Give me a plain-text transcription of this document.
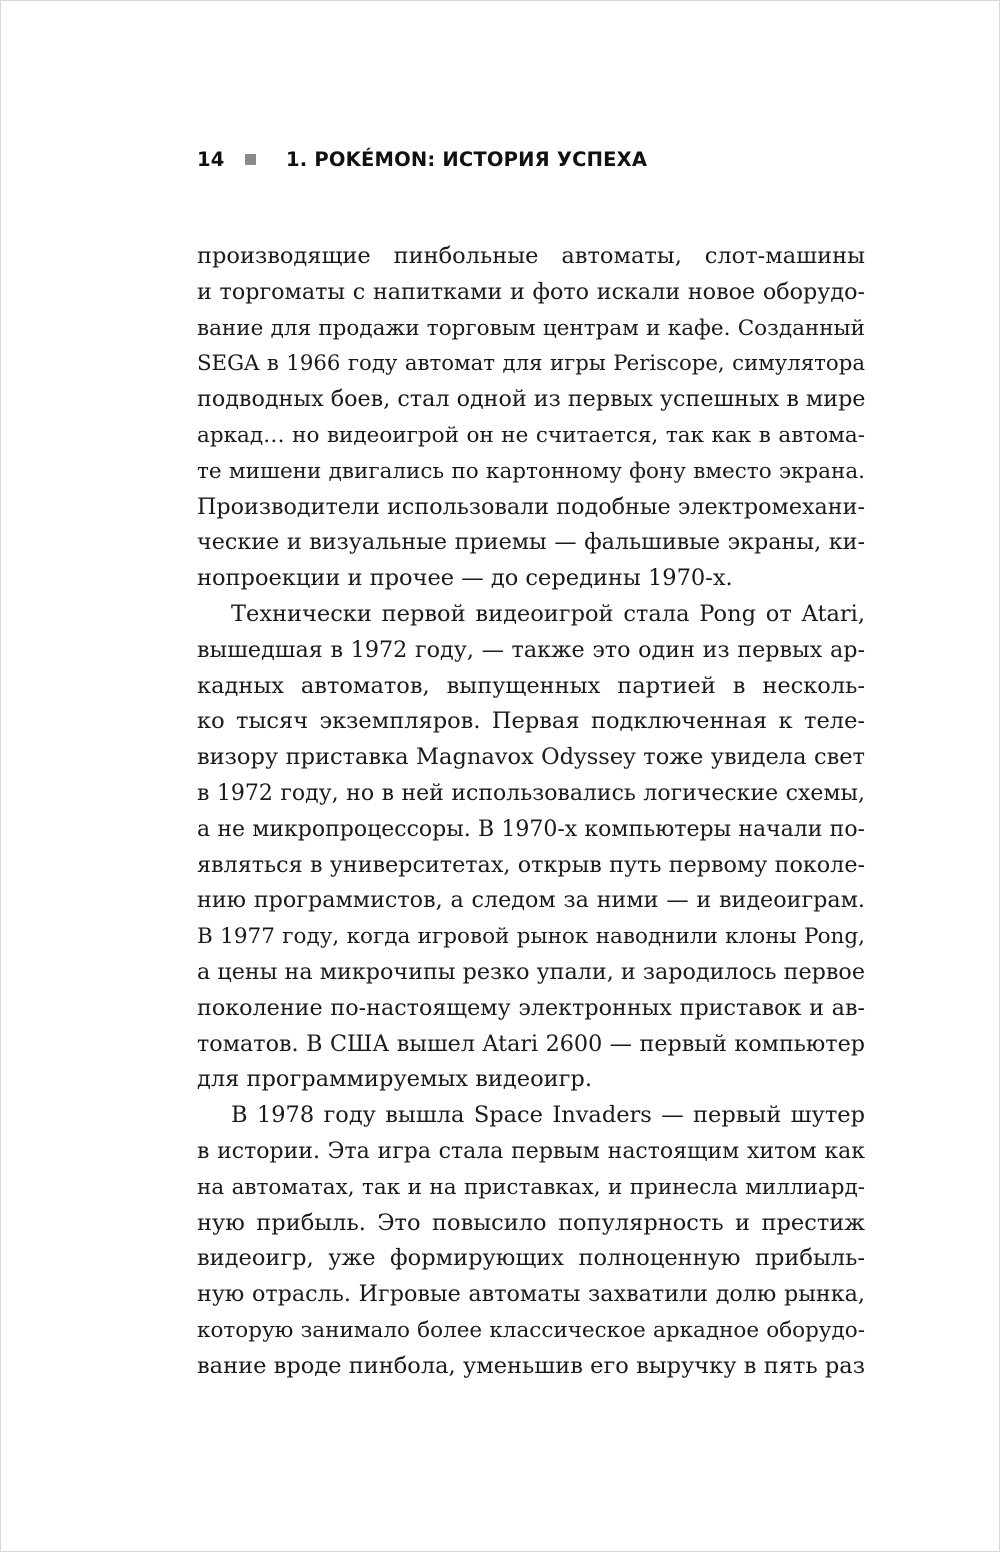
14	1. POKÉMON: ИСТОРИЯ УСПЕХА
производящие пинбольные автоматы, слот-машины
и торгоматы с напитками и фото искали новое оборудо-
вание для продажи торговым центрам и кафе. Созданный
SEGA в 1966 году автомат для игры Periscope, симулятора
подводных боев, стал одной из первых успешных в мире
аркад… но видеоигрой он не считается, так как в автома-
те мишени двигались по картонному фону вместо экрана.
Производители использовали подобные электромехани-
ческие и визуальные приемы — фальшивые экраны, ки-
нопроекции и прочее — до середины 1970-х.
Технически первой видеоигрой стала Pong от Atari,
вышедшая в 1972 году, — также это один из первых ар-
кадных автоматов, выпущенных партией в несколь-
ко тысяч экземпляров. Первая подключенная к теле-
визору приставка Magnavox Odyssey тоже увидела свет
в 1972 году, но в ней использовались логические схемы,
а не микропроцессоры. В 1970-х компьютеры начали по-
являться в университетах, открыв путь первому поколе-
нию программистов, а следом за ними — и видеоиграм.
В 1977 году, когда игровой рынок наводнили клоны Pong,
а цены на микрочипы резко упали, и зародилось первое
поколение по-настоящему электронных приставок и ав-
томатов. В США вышел Atari 2600 — первый компьютер
для программируемых видеоигр.
В 1978 году вышла Space Invaders — первый шутер
в истории. Эта игра стала первым настоящим хитом как
на автоматах, так и на приставках, и принесла миллиард-
ную прибыль. Это повысило популярность и престиж
видеоигр, уже формирующих полноценную прибыль-
ную отрасль. Игровые автоматы захватили долю рынка,
которую занимало более классическое аркадное оборудо-
вание вроде пинбола, уменьшив его выручку в пять раз
